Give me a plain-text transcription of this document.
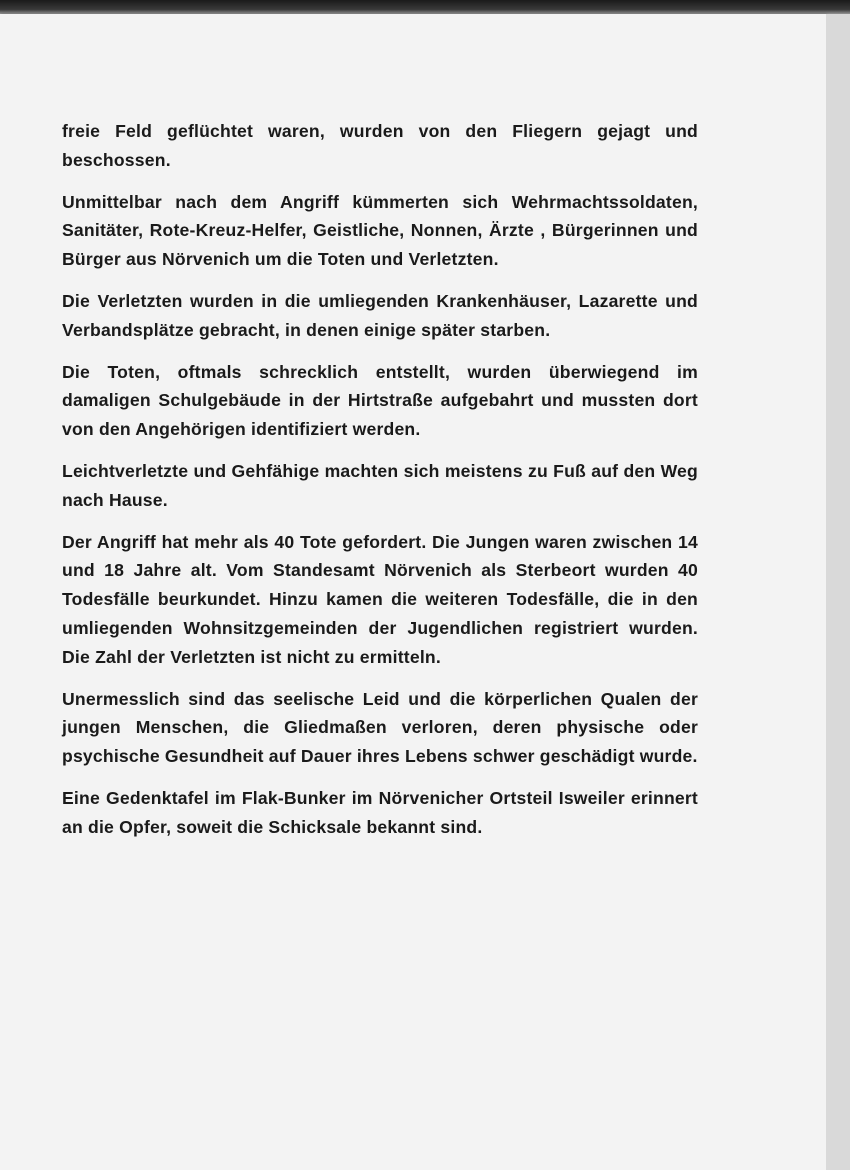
freie Feld geflüchtet waren, wurden von den Fliegern gejagt und beschossen.

Unmittelbar nach dem Angriff kümmerten sich Wehrmachtssoldaten, Sanitäter, Rote-Kreuz-Helfer, Geistliche, Nonnen, Ärzte , Bürgerinnen und Bürger aus Nörvenich um die Toten und Verletzten.

Die Verletzten wurden in die umliegenden Krankenhäuser, Lazarette und Verbandsplätze gebracht, in denen einige später starben.

Die Toten, oftmals schrecklich entstellt, wurden überwiegend im damaligen Schulgebäude in der Hirtstraße aufgebahrt und mussten dort von den Angehörigen identifiziert werden.

Leichtverletzte und Gehfähige machten sich meistens zu Fuß auf den Weg nach Hause.

Der Angriff hat mehr als 40 Tote gefordert. Die Jungen waren zwischen 14 und 18 Jahre alt. Vom Standesamt Nörvenich als Sterbeort wurden 40 Todesfälle beurkundet. Hinzu kamen die weiteren Todesfälle, die in den umliegenden Wohnsitzgemeinden der Jugendlichen registriert wurden. Die Zahl der Verletzten ist nicht zu ermitteln.

Unermesslich sind das seelische Leid und die körperlichen Qualen der jungen Menschen, die Gliedmaßen verloren, deren physische oder psychische Gesundheit auf Dauer ihres Lebens schwer geschädigt wurde.

Eine Gedenktafel im Flak-Bunker im Nörvenicher Ortsteil Isweiler erinnert an die Opfer, soweit die Schicksale bekannt sind.
